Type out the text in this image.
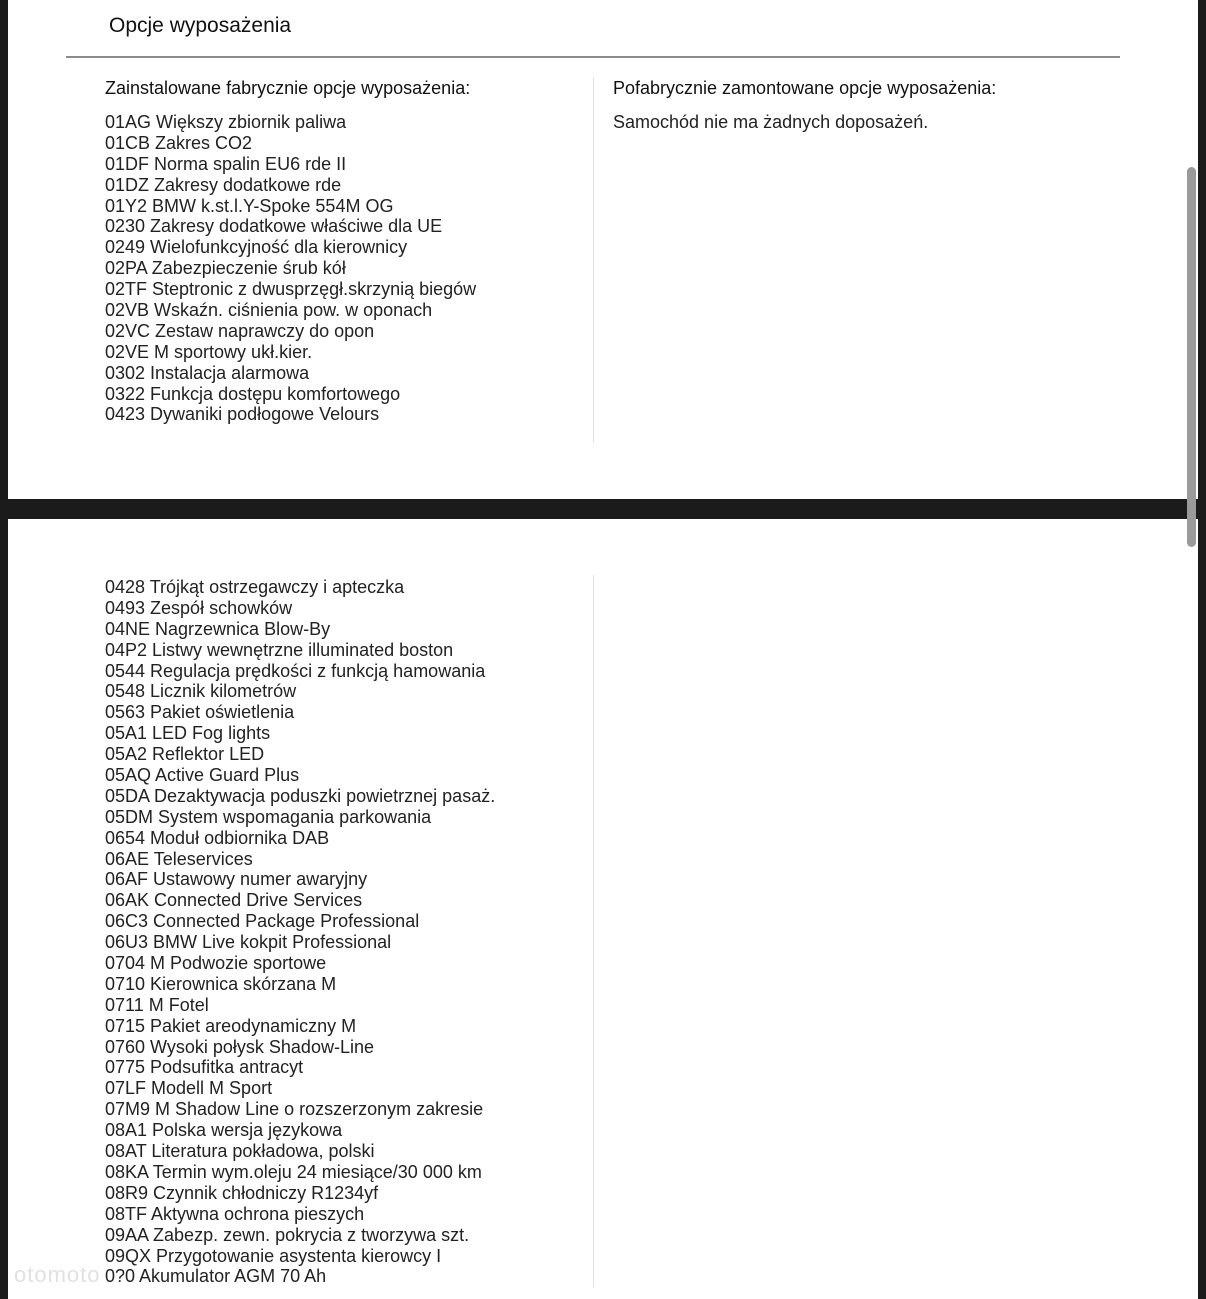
Opcje wyposażenia
Zainstalowane fabrycznie opcje wyposażenia:	Pofabrycznie zamontowane opcje wyposażenia:
01AG Większy zbiornik paliwa
01CB Zakres CO2
01DF Norma spalin EU6 rde II
01DZ Zakresy dodatkowe rde
01Y2 BMW k.st.l.Y-Spoke 554M OG
0230 Zakresy dodatkowe właściwe dla UE
0249 Wielofunkcyjność dla kierownicy
02PA Zabezpieczenie śrub kół
02TF Steptronic z dwusprzęgł.skrzynią biegów
02VB Wskaźn. ciśnienia pow. w oponach
02VC Zestaw naprawczy do opon
02VE M sportowy ukł.kier.
0302 Instalacja alarmowa
0322 Funkcja dostępu komfortowego
0423 Dywaniki podłogowe Velours
Samochód nie ma żadnych doposażeń.
0428 Trójkąt ostrzegawczy i apteczka
0493 Zespół schowków
04NE Nagrzewnica Blow-By
04P2 Listwy wewnętrzne illuminated boston
0544 Regulacja prędkości z funkcją hamowania
0548 Licznik kilometrów
0563 Pakiet oświetlenia
05A1 LED Fog lights
05A2 Reflektor LED
05AQ Active Guard Plus
05DA Dezaktywacja poduszki powietrznej pasaż.
05DM System wspomagania parkowania
0654 Moduł odbiornika DAB
06AE Teleservices
06AF Ustawowy numer awaryjny
06AK Connected Drive Services
06C3 Connected Package Professional
06U3 BMW Live kokpit Professional
0704 M Podwozie sportowe
0710 Kierownica skórzana M
0711 M Fotel
0715 Pakiet areodynamiczny M
0760 Wysoki połysk Shadow-Line
0775 Podsufitka antracyt
07LF Modell M Sport
07M9 M Shadow Line o rozszerzonym zakresie
08A1 Polska wersja językowa
08AT Literatura pokładowa, polski
08KA Termin wym.oleju 24 miesiące/30 000 km
08R9 Czynnik chłodniczy R1234yf
08TF Aktywna ochrona pieszych
09AA Zabezp. zewn. pokrycia z tworzywa szt.
09QX Przygotowanie asystenta kierowcy I
0?0 Akumulator AGM 70 Ah
otomoto
